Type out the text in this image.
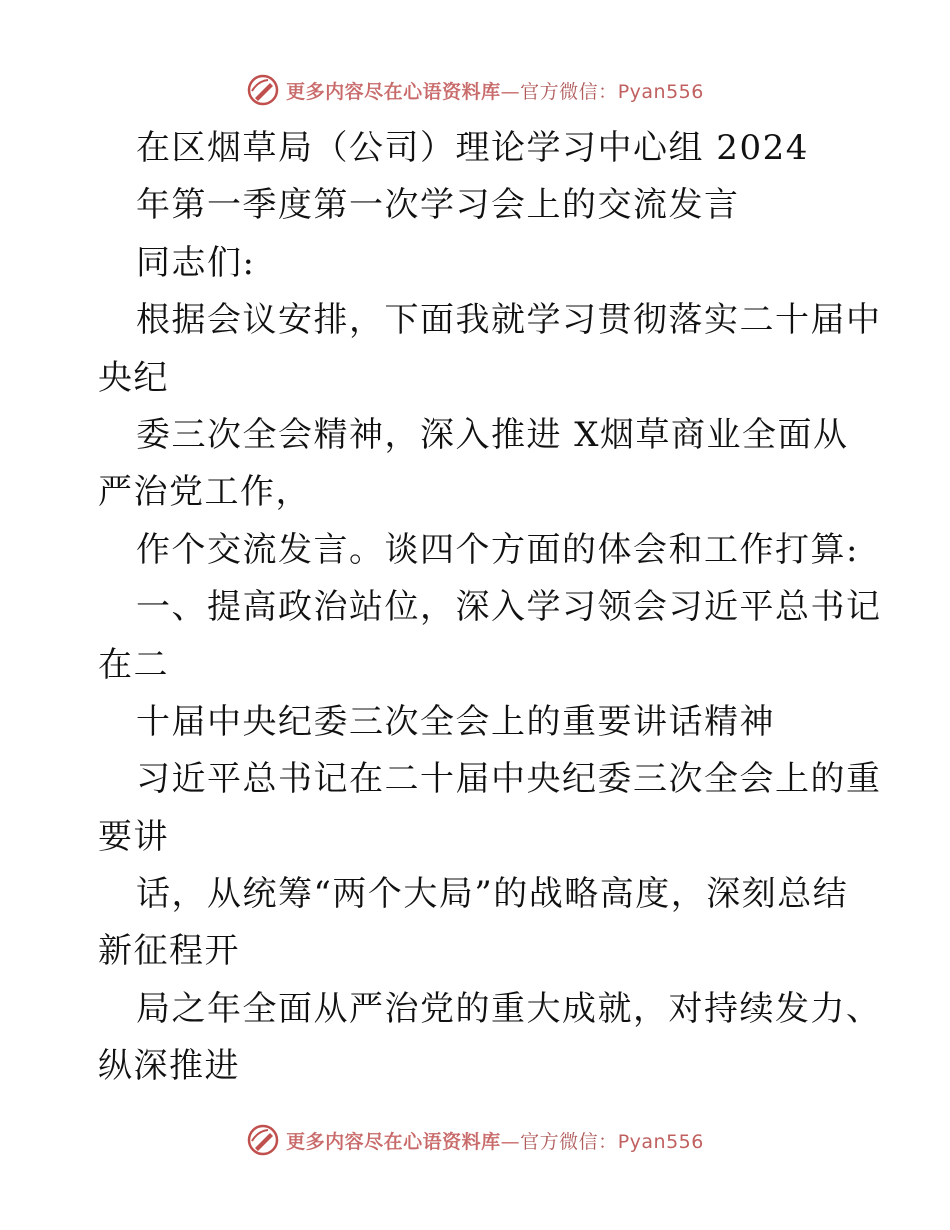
更多内容尽在心语资料库—官方微信：Pyan556
在区烟草局（公司）理论学习中心组 2024
年第一季度第一次学习会上的交流发言
同志们:
根据会议安排，下面我就学习贯彻落实二十届中
央纪
委三次全会精神，深入推进 X烟草商业全面从
严治党工作，
作个交流发言。谈四个方面的体会和工作打算:
一、提高政治站位，深入学习领会习近平总书记
在二
十届中央纪委三次全会上的重要讲话精神
习近平总书记在二十届中央纪委三次全会上的重
要讲
话，从统筹“两个大局”的战略高度，深刻总结
新征程开
局之年全面从严治党的重大成就，对持续发力、
纵深推进
更多内容尽在心语资料库—官方微信：Pyan556
